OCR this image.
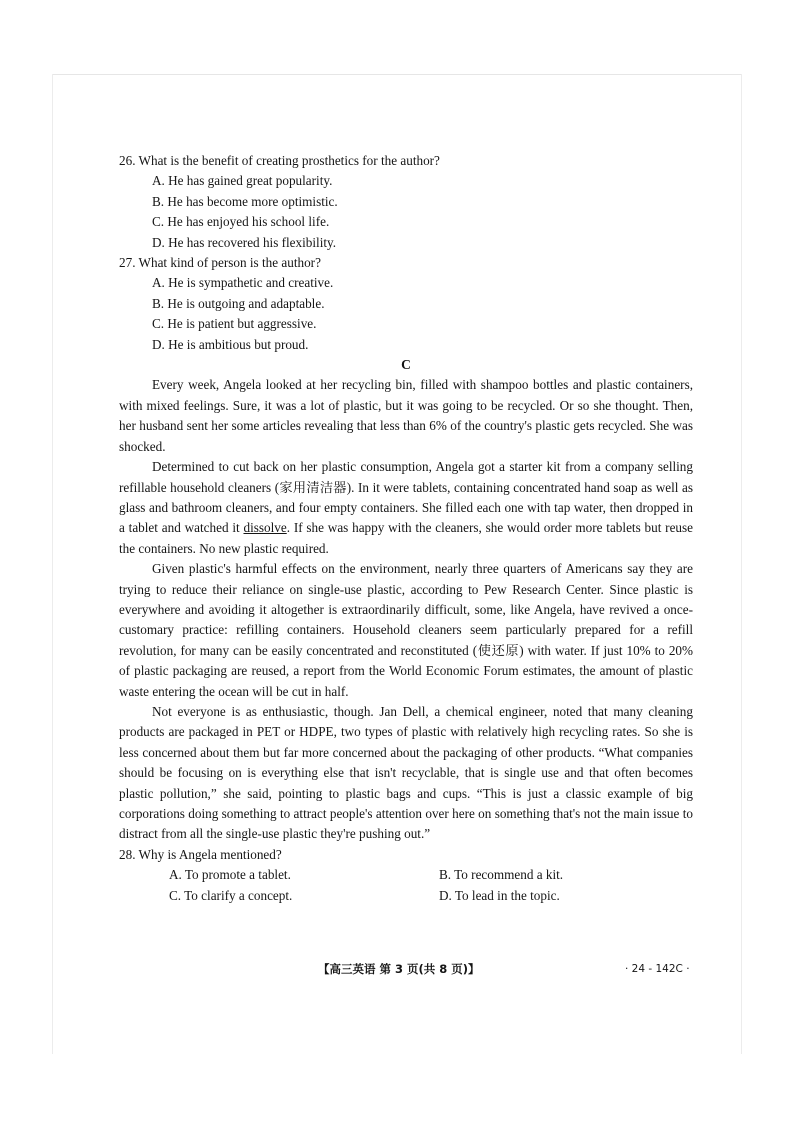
26. What is the benefit of creating prosthetics for the author?

A. He has gained great popularity.

B. He has become more optimistic.

C. He has enjoyed his school life.

D. He has recovered his flexibility.

27. What kind of person is the author?

A. He is sympathetic and creative.

B. He is outgoing and adaptable.

C. He is patient but aggressive.

D. He is ambitious but proud.

C

Every week, Angela looked at her recycling bin, filled with shampoo bottles and plastic containers, with mixed feelings. Sure, it was a lot of plastic, but it was going to be recycled. Or so she thought. Then, her husband sent her some articles revealing that less than 6% of the country's plastic gets recycled. She was shocked.

Determined to cut back on her plastic consumption, Angela got a starter kit from a company selling refillable household cleaners (家用清洁器). In it were tablets, containing concentrated hand soap as well as glass and bathroom cleaners, and four empty containers. She filled each one with tap water, then dropped in a tablet and watched it dissolve. If she was happy with the cleaners, she would order more tablets but reuse the containers. No new plastic required.

Given plastic's harmful effects on the environment, nearly three quarters of Americans say they are trying to reduce their reliance on single-use plastic, according to Pew Research Center. Since plastic is everywhere and avoiding it altogether is extraordinarily difficult, some, like Angela, have revived a once-customary practice: refilling containers. Household cleaners seem particularly prepared for a refill revolution, for many can be easily concentrated and reconstituted (使还原) with water. If just 10% to 20% of plastic packaging are reused, a report from the World Economic Forum estimates, the amount of plastic waste entering the ocean will be cut in half.

Not everyone is as enthusiastic, though. Jan Dell, a chemical engineer, noted that many cleaning products are packaged in PET or HDPE, two types of plastic with relatively high recycling rates. So she is less concerned about them but far more concerned about the packaging of other products. “What companies should be focusing on is everything else that isn't recyclable, that is single use and that often becomes plastic pollution,” she said, pointing to plastic bags and cups. “This is just a classic example of big corporations doing something to attract people's attention over here on something that's not the main issue to distract from all the single-use plastic they're pushing out.”

28. Why is Angela mentioned?

A. To promote a tablet.	B. To recommend a kit.
C. To clarify a concept.	D. To lead in the topic.
【高三英语 第 3 页(共 8 页)】	· 24 - 142C ·
